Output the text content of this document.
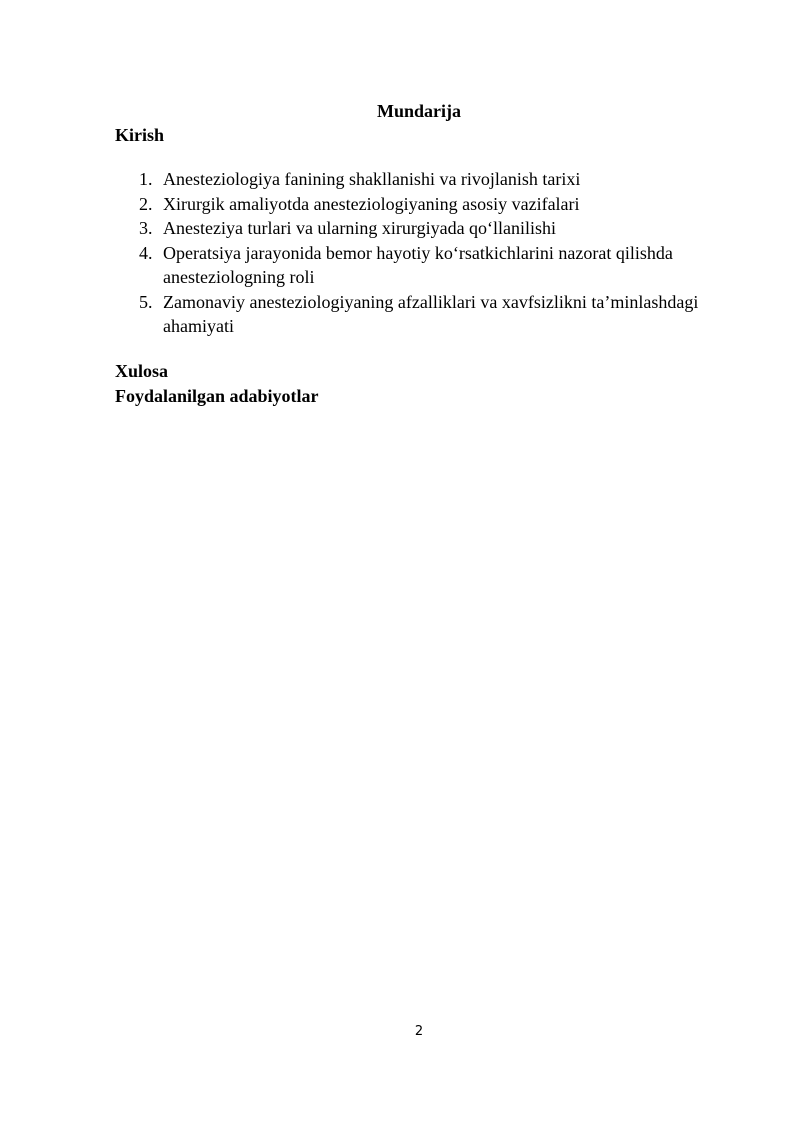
Mundarija
Kirish
1. Anesteziologiya fanining shakllanishi va rivojlanish tarixi
2. Xirurgik amaliyotda anesteziologiyaning asosiy vazifalari
3. Anesteziya turlari va ularning xirurgiyada qo‘llanilishi
4. Operatsiya jarayonida bemor hayotiy ko‘rsatkichlarini nazorat qilishda anesteziologning roli
5. Zamonaviy anesteziologiyaning afzalliklari va xavfsizlikni ta’minlashdagi ahamiyati
Xulosa
Foydalanilgan adabiyotlar
2
